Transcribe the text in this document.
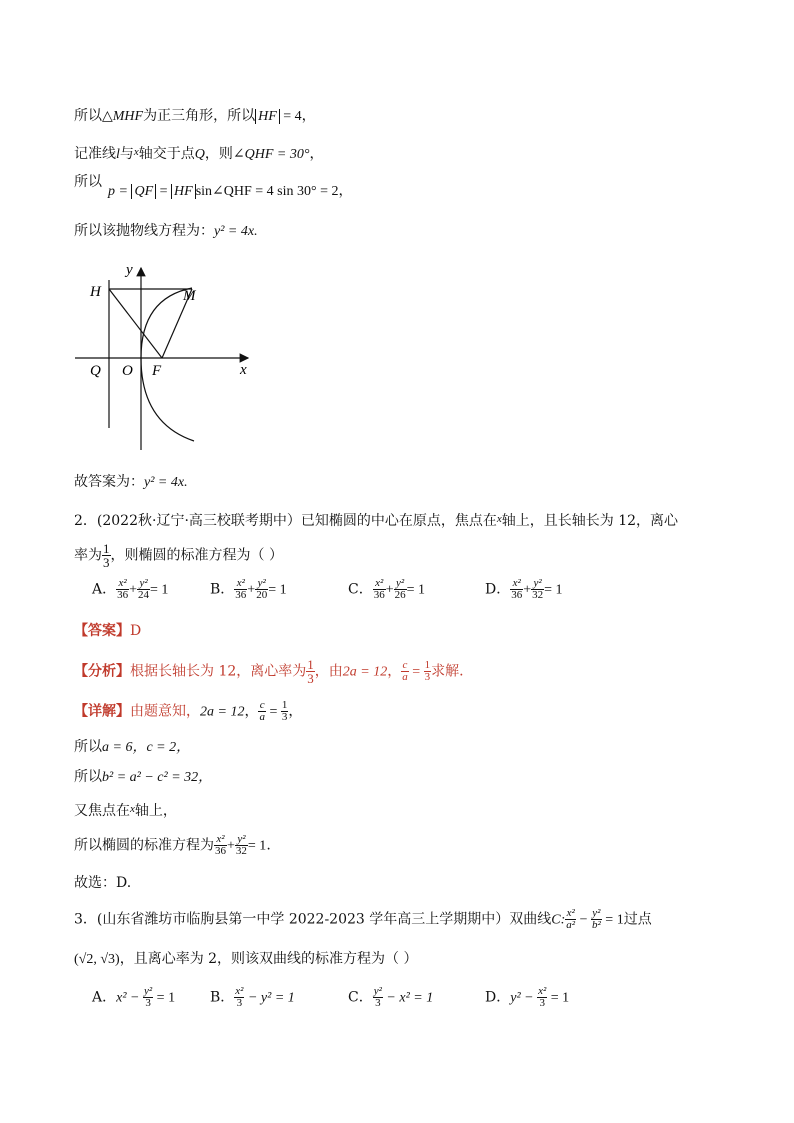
所以△MHF为正三角形，所以 HF = 4，
记准线l与$^x$轴交于点Q，则∠QHF = 30°，
所以
p = QF = HF sin∠QHF = 4 sin 30° = 2，
所以该抛物线方程为：y² = 4x.
y
H	M
Q O F	x
故答案为：y² = 4x.
2．(2022秋·辽宁·高三校联考期中）已知椭圆的中心在原点，焦点在$^x$轴上，且长轴长为 12，离心
率为 $\frac{1}{3}$ ，则椭圆的标准方程为（ ）
A． $\frac{\text{x²}}{36} + \frac{\text{y²}}{24} = 1$	B． $\frac{\text{x²}}{36} + \frac{\text{y²}}{20} = 1$	C． $\frac{\text{x²}}{36} + \frac{\text{y²}}{26} = 1$	D． $\frac{\text{x²}}{36} + \frac{\text{y²}}{32} = 1$
【答案】D
【分析】根据长轴长为 12，离心率为 $\frac{1}{3}$ ，由2a = 12， $\frac{c}{a} = \frac{1}{3}$ 求解.
【详解】由题意知，2a = 12， $\frac{c}{a} = \frac{1}{3}$ ，
所以a = 6，c = 2，
所以b² = a² − c² = 32，
又焦点在$^x$轴上，
所以椭圆的标准方程为 $\frac{\text{x²}}{36} + \frac{\text{y²}}{32} = 1$.
故选：D.
3．(山东省潍坊市临朐县第一中学 2022-2023 学年高三上学期期中）双曲线C: $\frac{\text{x²}}{\text{a²}} - \frac{\text{y²}}{\text{b²}} = 1$过点
(√2, √3)，且离心率为 2，则该双曲线的标准方程为（ ）
A．$x^2 - \frac{\text{y²}}{3} = 1$ B． $\frac{\text{x²}}{3} - y^2 = 1$	C． $\frac{\text{y²}}{3} - x^2 = 1$	D．$y^2 - \frac{\text{x²}}{3} = 1$
